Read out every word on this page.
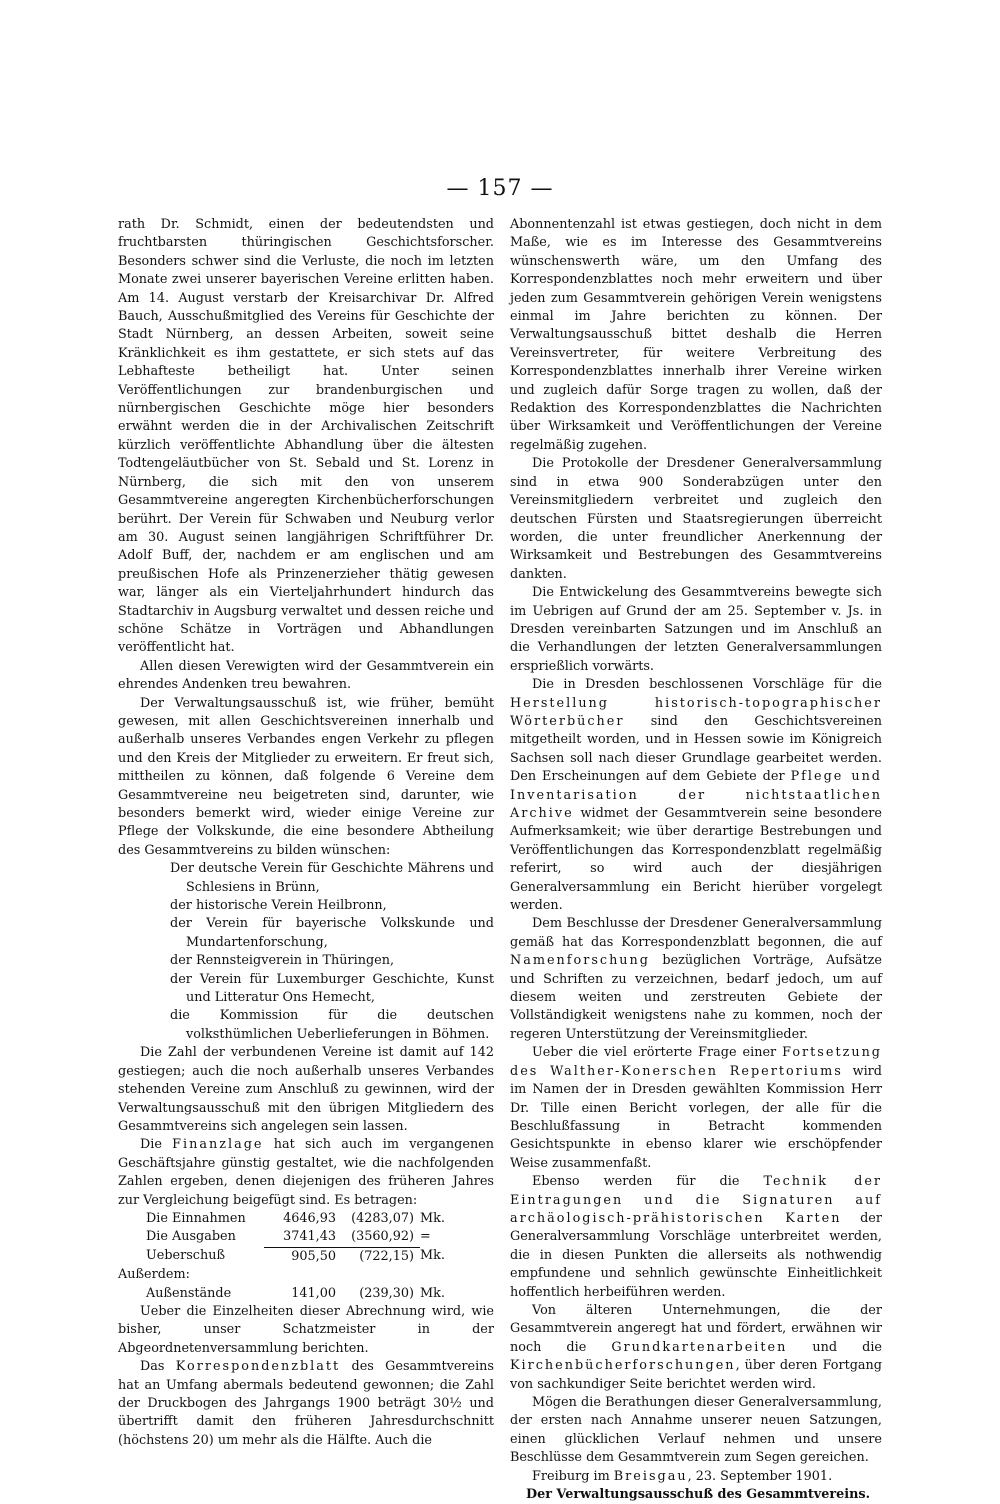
— 157 —

rath Dr. Schmidt, einen der bedeutendsten und fruchtbarsten thüringischen Geschichtsforscher. Besonders schwer sind die Verluste, die noch im letzten Monate zwei unserer bayerischen Vereine erlitten haben. Am 14. August verstarb der Kreisarchivar Dr. Alfred Bauch, Ausschußmitglied des Vereins für Geschichte der Stadt Nürnberg, an dessen Arbeiten, soweit seine Kränklichkeit es ihm gestattete, er sich stets auf das Lebhafteste betheiligt hat. Unter seinen Veröffentlichungen zur brandenburgischen und nürnbergischen Geschichte möge hier besonders erwähnt werden die in der Archivalischen Zeitschrift kürzlich veröffentlichte Abhandlung über die ältesten Todtengeläutbücher von St. Sebald und St. Lorenz in Nürnberg, die sich mit den von unserem Gesammtvereine angeregten Kirchenbücherforschungen berührt. Der Verein für Schwaben und Neuburg verlor am 30. August seinen langjährigen Schriftführer Dr. Adolf Buff, der, nachdem er am englischen und am preußischen Hofe als Prinzenerzieher thätig gewesen war, länger als ein Vierteljahrhundert hindurch das Stadtarchiv in Augsburg verwaltet und dessen reiche und schöne Schätze in Vorträgen und Abhandlungen veröffentlicht hat.

Allen diesen Verewigten wird der Gesammtverein ein ehrendes Andenken treu bewahren.

Der Verwaltungsausschuß ist, wie früher, bemüht gewesen, mit allen Geschichtsvereinen innerhalb und außerhalb unseres Verbandes engen Verkehr zu pflegen und den Kreis der Mitglieder zu erweitern. Er freut sich, mittheilen zu können, daß folgende 6 Vereine dem Gesammtvereine neu beigetreten sind, darunter, wie besonders bemerkt wird, wieder einige Vereine zur Pflege der Volkskunde, die eine besondere Abtheilung des Gesammtvereins zu bilden wünschen:

Der deutsche Verein für Geschichte Mährens und Schlesiens in Brünn,

der historische Verein Heilbronn,

der Verein für bayerische Volkskunde und Mundartenforschung,

der Rennsteigverein in Thüringen,

der Verein für Luxemburger Geschichte, Kunst und Litteratur Ons Hemecht,

die Kommission für die deutschen volksthümlichen Ueberlieferungen in Böhmen.

Die Zahl der verbundenen Vereine ist damit auf 142 gestiegen; auch die noch außerhalb unseres Verbandes stehenden Vereine zum Anschluß zu gewinnen, wird der Verwaltungsausschuß mit den übrigen Mitgliedern des Gesammtvereins sich angelegen sein lassen.

Die Finanzlage hat sich auch im vergangenen Geschäftsjahre günstig gestaltet, wie die nachfolgenden Zahlen ergeben, denen diejenigen des früheren Jahres zur Vergleichung beigefügt sind. Es betragen:

Die Einnahmen	4646,93	(4283,07)	Mk.
Die Ausgaben	3741,43	(3560,92)	=
Ueberschuß	905,50	(722,15)	Mk.
Außerdem:			
Außenstände	141,00	(239,30)	Mk.

Ueber die Einzelheiten dieser Abrechnung wird, wie bisher, unser Schatzmeister in der Abgeordnetenversammlung berichten.

Das Korrespondenzblatt des Gesammtvereins hat an Umfang abermals bedeutend gewonnen; die Zahl der Druckbogen des Jahrgangs 1900 beträgt 30½ und übertrifft damit den früheren Jahresdurchschnitt (höchstens 20) um mehr als die Hälfte. Auch die

Abonnentenzahl ist etwas gestiegen, doch nicht in dem Maße, wie es im Interesse des Gesammtvereins wünschenswerth wäre, um den Umfang des Korrespondenzblattes noch mehr erweitern und über jeden zum Gesammtverein gehörigen Verein wenigstens einmal im Jahre berichten zu können. Der Verwaltungsausschuß bittet deshalb die Herren Vereinsvertreter, für weitere Verbreitung des Korrespondenzblattes innerhalb ihrer Vereine wirken und zugleich dafür Sorge tragen zu wollen, daß der Redaktion des Korrespondenzblattes die Nachrichten über Wirksamkeit und Veröffentlichungen der Vereine regelmäßig zugehen.

Die Protokolle der Dresdener Generalversammlung sind in etwa 900 Sonderabzügen unter den Vereinsmitgliedern verbreitet und zugleich den deutschen Fürsten und Staatsregierungen überreicht worden, die unter freundlicher Anerkennung der Wirksamkeit und Bestrebungen des Gesammtvereins dankten.

Die Entwickelung des Gesammtvereins bewegte sich im Uebrigen auf Grund der am 25. September v. Js. in Dresden vereinbarten Satzungen und im Anschluß an die Verhandlungen der letzten Generalversammlungen ersprießlich vorwärts.

Die in Dresden beschlossenen Vorschläge für die Herstellung historisch-topographischer Wörterbücher sind den Geschichtsvereinen mitgetheilt worden, und in Hessen sowie im Königreich Sachsen soll nach dieser Grundlage gearbeitet werden. Den Erscheinungen auf dem Gebiete der Pflege und Inventarisation der nichtstaatlichen Archive widmet der Gesammtverein seine besondere Aufmerksamkeit; wie über derartige Bestrebungen und Veröffentlichungen das Korrespondenzblatt regelmäßig referirt, so wird auch der diesjährigen Generalversammlung ein Bericht hierüber vorgelegt werden.

Dem Beschlusse der Dresdener Generalversammlung gemäß hat das Korrespondenzblatt begonnen, die auf Namenforschung bezüglichen Vorträge, Aufsätze und Schriften zu verzeichnen, bedarf jedoch, um auf diesem weiten und zerstreuten Gebiete der Vollständigkeit wenigstens nahe zu kommen, noch der regeren Unterstützung der Vereinsmitglieder.

Ueber die viel erörterte Frage einer Fortsetzung des Walther-Konerschen Repertoriums wird im Namen der in Dresden gewählten Kommission Herr Dr. Tille einen Bericht vorlegen, der alle für die Beschlußfassung in Betracht kommenden Gesichtspunkte in ebenso klarer wie erschöpfender Weise zusammenfaßt.

Ebenso werden für die Technik der Eintragungen und die Signaturen auf archäologisch-prähistorischen Karten der Generalversammlung Vorschläge unterbreitet werden, die in diesen Punkten die allerseits als nothwendig empfundene und sehnlich gewünschte Einheitlichkeit hoffentlich herbeiführen werden.

Von älteren Unternehmungen, die der Gesammtverein angeregt hat und fördert, erwähnen wir noch die Grundkartenarbeiten und die Kirchenbücherforschungen, über deren Fortgang von sachkundiger Seite berichtet werden wird.

Mögen die Berathungen dieser Generalversammlung, der ersten nach Annahme unserer neuen Satzungen, einen glücklichen Verlauf nehmen und unsere Beschlüsse dem Gesammtverein zum Segen gereichen.

Freiburg im Breisgau, 23. September 1901.

Der Verwaltungsausschuß des Gesammtvereins.
